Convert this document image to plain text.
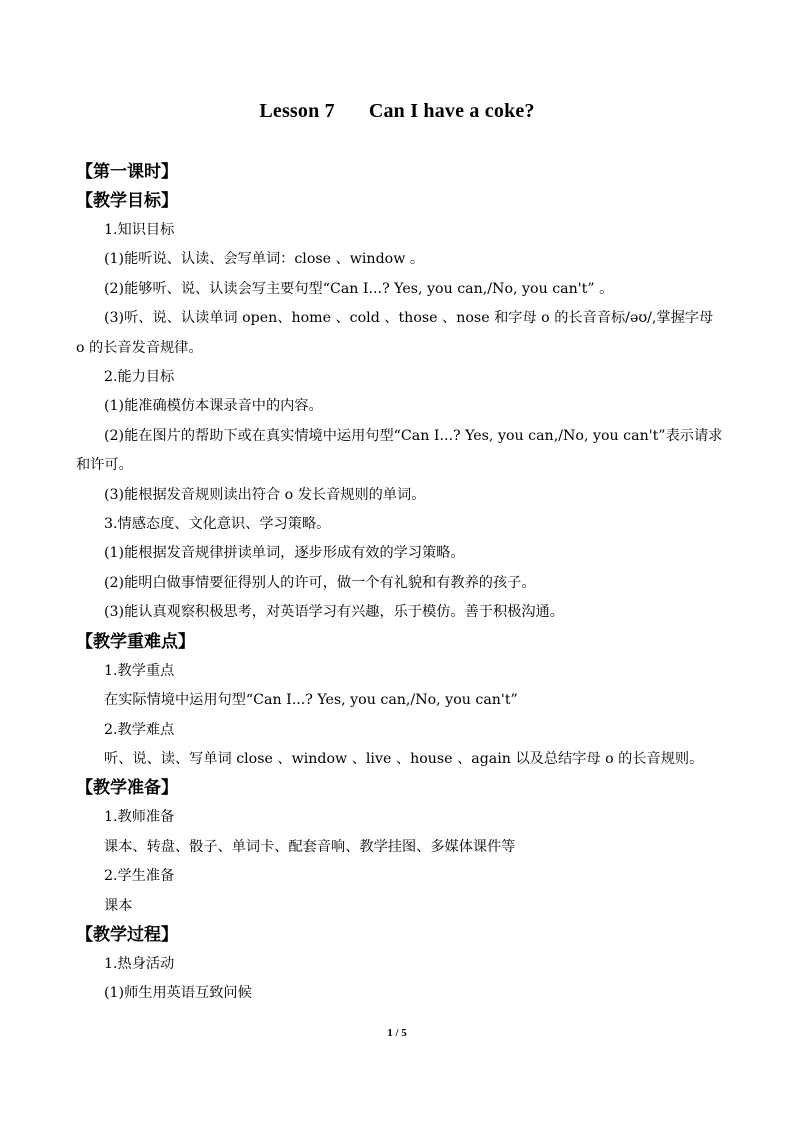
Lesson 7 Can I have a coke?
【第一课时】
【教学目标】
1.知识目标
(1)能听说、认读、会写单词：close 、window 。
(2)能够听、说、认读会写主要句型“Can I...? Yes, you can,/No, you can't” 。
(3)听、说、认读单词 open、home 、cold 、those 、nose 和字母 o 的长音音标/əʊ/,掌握字母 o 的长音发音规律。
2.能力目标
(1)能准确模仿本课录音中的内容。
(2)能在图片的帮助下或在真实情境中运用句型“Can I...? Yes, you can,/No, you can't”表示请求和许可。
(3)能根据发音规则读出符合 o 发长音规则的单词。
3.情感态度、文化意识、学习策略。
(1)能根据发音规律拼读单词，逐步形成有效的学习策略。
(2)能明白做事情要征得别人的许可，做一个有礼貌和有教养的孩子。
(3)能认真观察积极思考，对英语学习有兴趣，乐于模仿。善于积极沟通。
【教学重难点】
1.教学重点
在实际情境中运用句型“Can I...? Yes, you can,/No, you can't”
2.教学难点
听、说、读、写单词 close 、window 、live 、house 、again 以及总结字母 o 的长音规则。
【教学准备】
1.教师准备
课本、转盘、骰子、单词卡、配套音响、教学挂图、多媒体课件等
2.学生准备
课本
【教学过程】
1.热身活动
(1)师生用英语互致问候
1 / 5
